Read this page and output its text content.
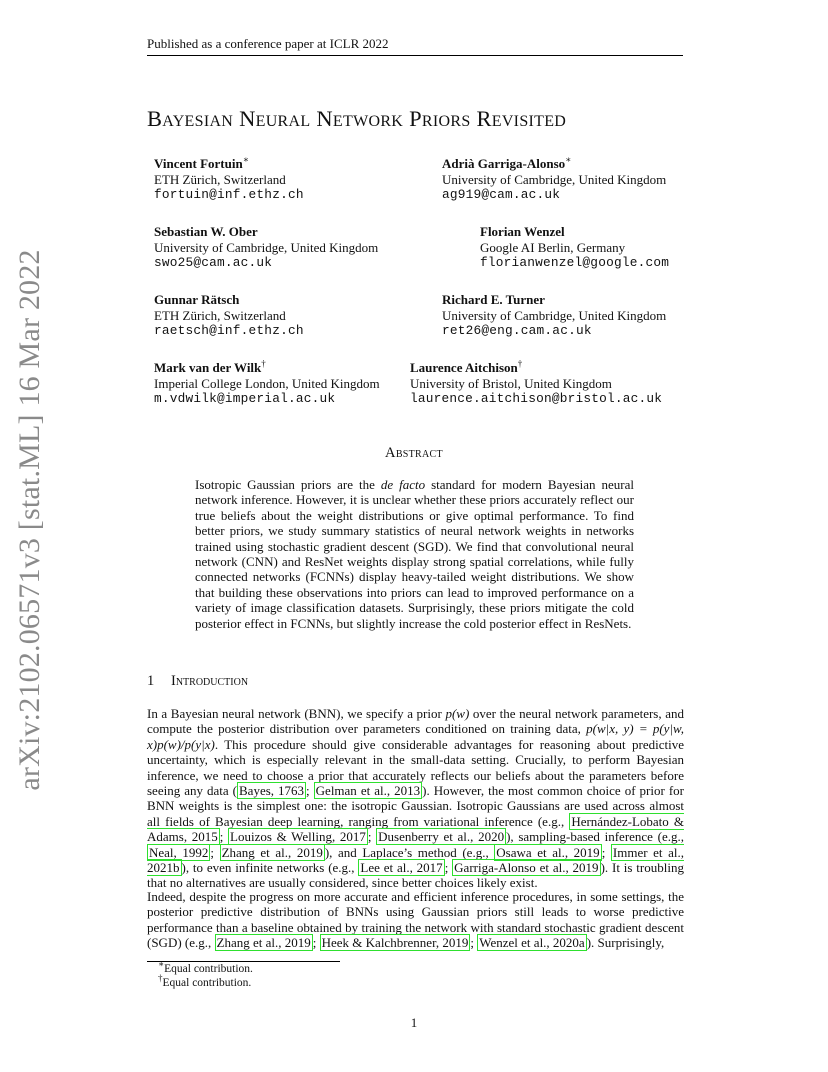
Published as a conference paper at ICLR 2022
arXiv:2102.06571v3 [stat.ML] 16 Mar 2022
Bayesian Neural Network Priors Revisited
Vincent Fortuin∗
ETH Zürich, Switzerland
fortuin@inf.ethz.ch
Adrià Garriga-Alonso∗
University of Cambridge, United Kingdom
ag919@cam.ac.uk
Sebastian W. Ober
University of Cambridge, United Kingdom
swo25@cam.ac.uk
Florian Wenzel
Google AI Berlin, Germany
florianwenzel@google.com
Gunnar Rätsch
ETH Zürich, Switzerland
raetsch@inf.ethz.ch
Richard E. Turner
University of Cambridge, United Kingdom
ret26@eng.cam.ac.uk
Mark van der Wilk†
Imperial College London, United Kingdom
m.vdwilk@imperial.ac.uk
Laurence Aitchison†
University of Bristol, United Kingdom
laurence.aitchison@bristol.ac.uk
Abstract
Isotropic Gaussian priors are the de facto standard for modern Bayesian neural network inference. However, it is unclear whether these priors accurately reflect our true beliefs about the weight distributions or give optimal performance. To find better priors, we study summary statistics of neural network weights in networks trained using stochastic gradient descent (SGD). We find that convolutional neural network (CNN) and ResNet weights display strong spatial correlations, while fully connected networks (FCNNs) display heavy-tailed weight distributions. We show that building these observations into priors can lead to improved performance on a variety of image classification datasets. Surprisingly, these priors mitigate the cold posterior effect in FCNNs, but slightly increase the cold posterior effect in ResNets.
1 Introduction
In a Bayesian neural network (BNN), we specify a prior p(w) over the neural network parameters, and compute the posterior distribution over parameters conditioned on training data, p(w|x, y) = p(y|w, x)p(w)/p(y|x). This procedure should give considerable advantages for reasoning about predictive uncertainty, which is especially relevant in the small-data setting. Crucially, to perform Bayesian inference, we need to choose a prior that accurately reflects our beliefs about the parameters before seeing any data ( Bayes, 1763 ; Gelman et al., 2013 ). However, the most common choice of prior for BNN weights is the simplest one: the isotropic Gaussian. Isotropic Gaussians are used across almost all fields of Bayesian deep learning, ranging from variational inference (e.g., Hernández-Lobato & Adams, 2015 ; Louizos & Welling, 2017 ; Dusenberry et al., 2020 ), sampling-based inference (e.g., Neal, 1992 ; Zhang et al., 2019 ), and Laplace’s method (e.g., Osawa et al., 2019 ; Immer et al., 2021b ), to even infinite networks (e.g., Lee et al., 2017 ; Garriga-Alonso et al., 2019 ). It is troubling that no alternatives are usually considered, since better choices likely exist.
Indeed, despite the progress on more accurate and efficient inference procedures, in some settings, the posterior predictive distribution of BNNs using Gaussian priors still leads to worse predictive performance than a baseline obtained by training the network with standard stochastic gradient descent (SGD) (e.g., Zhang et al., 2019 ; Heek & Kalchbrenner, 2019 ; Wenzel et al., 2020a ). Surprisingly,
∗Equal contribution.
†Equal contribution.
1
